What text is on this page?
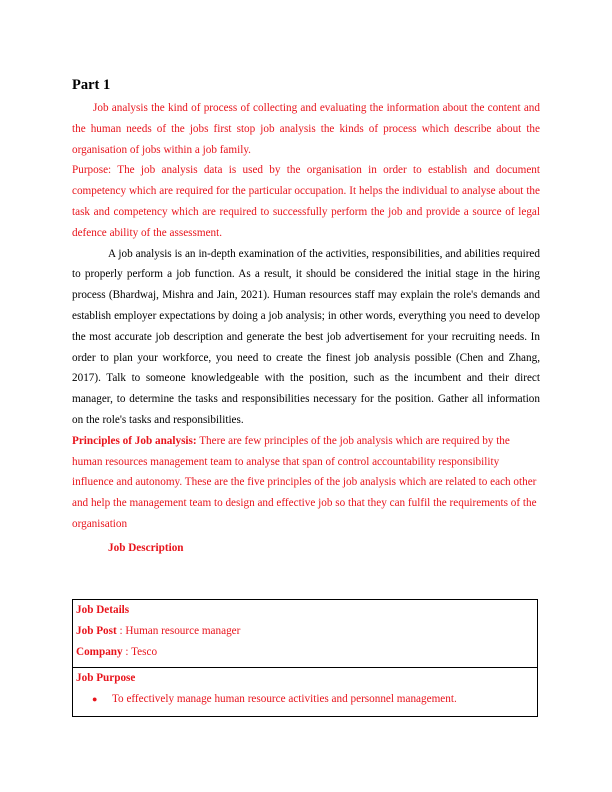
Part 1

Job analysis the kind of process of collecting and evaluating the information about the content and the human needs of the jobs first stop job analysis the kinds of process which describe about the organisation of jobs within a job family.

Purpose: The job analysis data is used by the organisation in order to establish and document competency which are required for the particular occupation. It helps the individual to analyse about the task and competency which are required to successfully perform the job and provide a source of legal defence ability of the assessment.

A job analysis is an in-depth examination of the activities, responsibilities, and abilities required to properly perform a job function. As a result, it should be considered the initial stage in the hiring process (Bhardwaj, Mishra and Jain, 2021). Human resources staff may explain the role's demands and establish employer expectations by doing a job analysis; in other words, everything you need to develop the most accurate job description and generate the best job advertisement for your recruiting needs. In order to plan your workforce, you need to create the finest job analysis possible (Chen and Zhang, 2017). Talk to someone knowledgeable with the position, such as the incumbent and their direct manager, to determine the tasks and responsibilities necessary for the position. Gather all information on the role's tasks and responsibilities.

Principles of Job analysis: There are few principles of the job analysis which are required by the human resources management team to analyse that span of control accountability responsibility influence and autonomy. These are the five principles of the job analysis which are related to each other and help the management team to design and effective job so that they can fulfil the requirements of the organisation

Job Description
Job Details
Job Post : Human resource manager
Company : Tesco
Job Purpose
●	To effectively manage human resource activities and personnel management.
